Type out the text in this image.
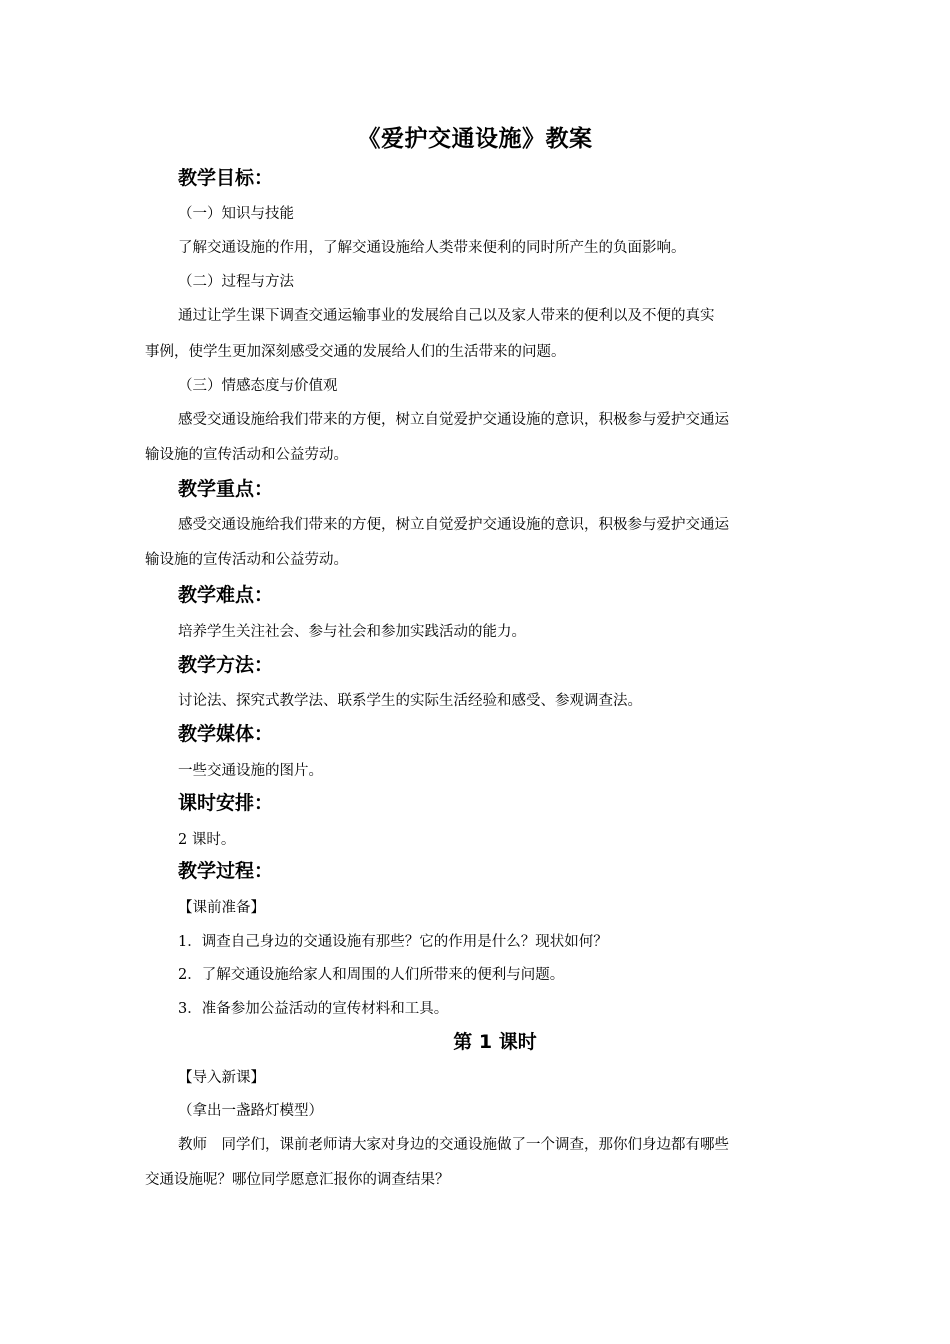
《爱护交通设施》教案
教学目标：
（一）知识与技能
了解交通设施的作用，了解交通设施给人类带来便利的同时所产生的负面影响。
（二）过程与方法
通过让学生课下调查交通运输事业的发展给自己以及家人带来的便利以及不便的真实
事例，使学生更加深刻感受交通的发展给人们的生活带来的问题。
（三）情感态度与价值观
感受交通设施给我们带来的方便，树立自觉爱护交通设施的意识，积极参与爱护交通运
输设施的宣传活动和公益劳动。
教学重点：
感受交通设施给我们带来的方便，树立自觉爱护交通设施的意识，积极参与爱护交通运
输设施的宣传活动和公益劳动。
教学难点：
培养学生关注社会、参与社会和参加实践活动的能力。
教学方法：
讨论法、探究式教学法、联系学生的实际生活经验和感受、参观调查法。
教学媒体：
一些交通设施的图片。
课时安排：
2 课时。
教学过程：
【课前准备】
1．调查自己身边的交通设施有那些？它的作用是什么？现状如何？
2．了解交通设施给家人和周围的人们所带来的便利与问题。
3．准备参加公益活动的宣传材料和工具。
第 1 课时
【导入新课】
（拿出一盏路灯模型）
教师　同学们，课前老师请大家对身边的交通设施做了一个调查，那你们身边都有哪些
交通设施呢？哪位同学愿意汇报你的调查结果？
